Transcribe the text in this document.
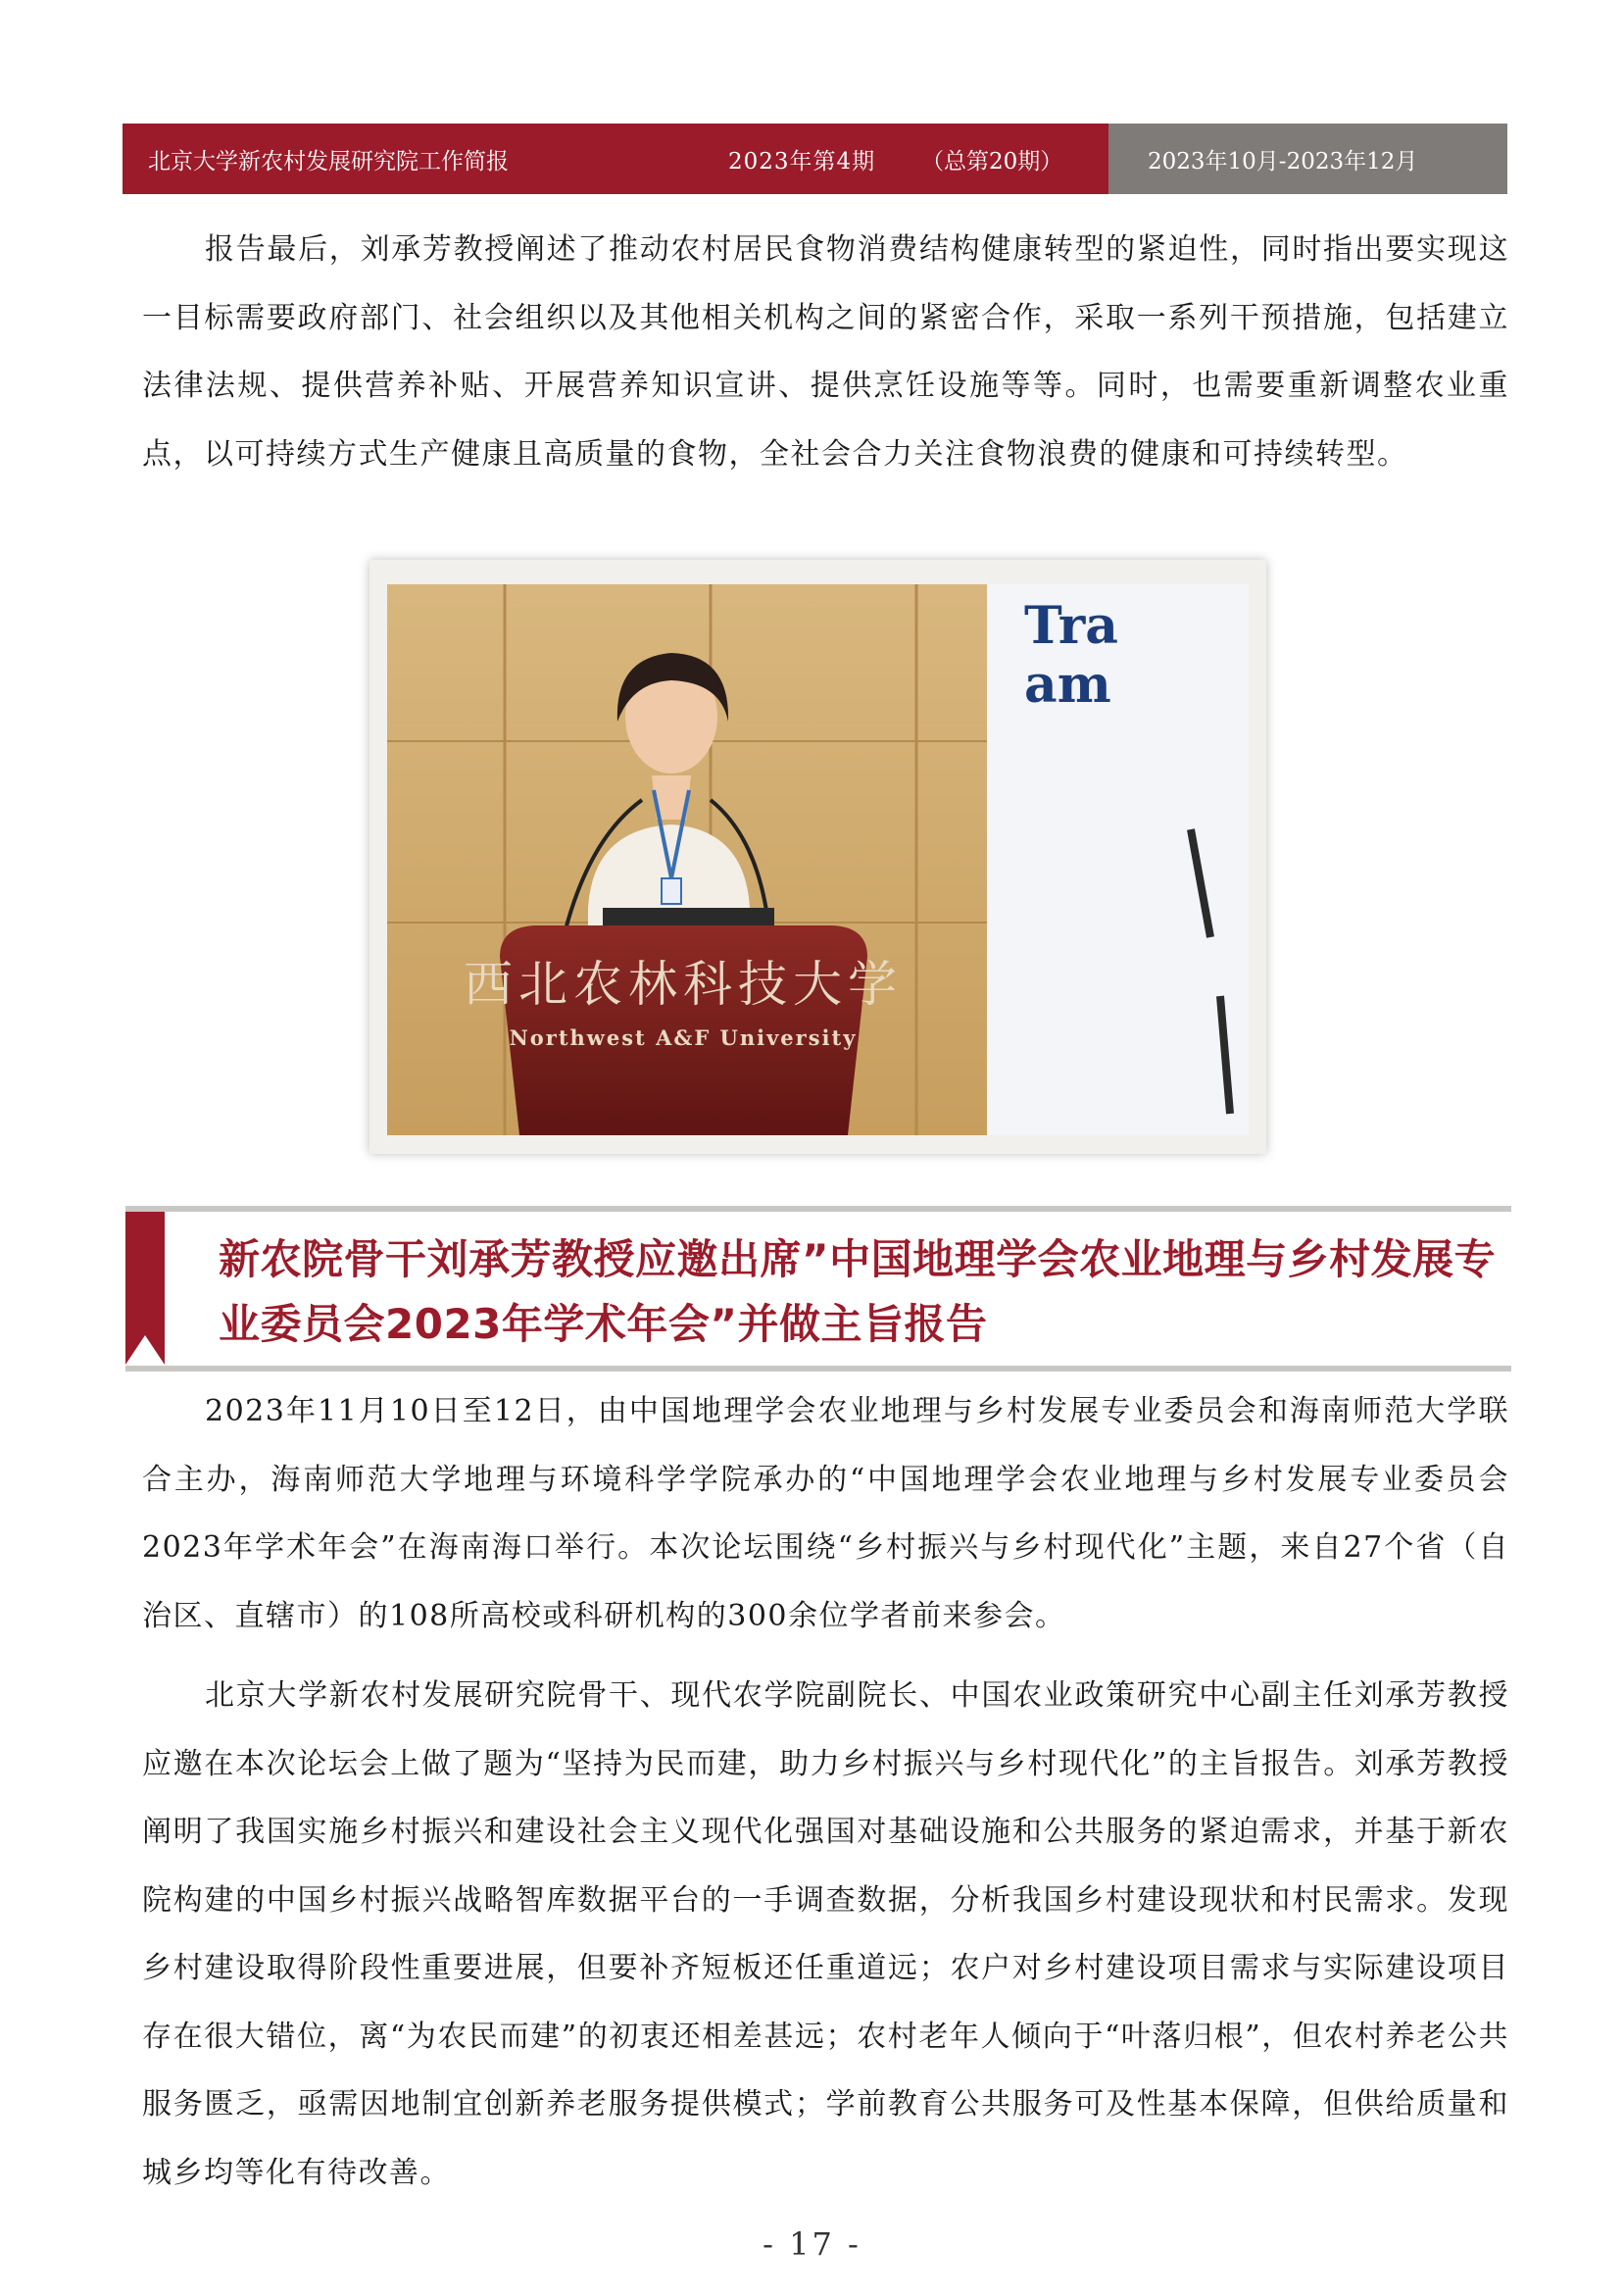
北京大学新农村发展研究院工作简报	2023年第4期 （总第20期）	2023年10月-2023年12月

报告最后，刘承芳教授阐述了推动农村居民食物消费结构健康转型的紧迫性，同时指出要实现这一目标需要政府部门、社会组织以及其他相关机构之间的紧密合作，采取一系列干预措施，包括建立法律法规、提供营养补贴、开展营养知识宣讲、提供烹饪设施等等。同时，也需要重新调整农业重点，以可持续方式生产健康且高质量的食物，全社会合力关注食物浪费的健康和可持续转型。

Tra
am
西北农林科技大学
Northwest A&F University
新农院骨干刘承芳教授应邀出席”中国地理学会农业地理与乡村发展专业委员会2023年学术年会”并做主旨报告

2023年11月10日至12日，由中国地理学会农业地理与乡村发展专业委员会和海南师范大学联合主办，海南师范大学地理与环境科学学院承办的“中国地理学会农业地理与乡村发展专业委员会2023年学术年会”在海南海口举行。本次论坛围绕“乡村振兴与乡村现代化”主题，来自27个省（自治区、直辖市）的108所高校或科研机构的300余位学者前来参会。

北京大学新农村发展研究院骨干、现代农学院副院长、中国农业政策研究中心副主任刘承芳教授应邀在本次论坛会上做了题为“坚持为民而建，助力乡村振兴与乡村现代化”的主旨报告。刘承芳教授阐明了我国实施乡村振兴和建设社会主义现代化强国对基础设施和公共服务的紧迫需求，并基于新农院构建的中国乡村振兴战略智库数据平台的一手调查数据，分析我国乡村建设现状和村民需求。发现乡村建设取得阶段性重要进展，但要补齐短板还任重道远；农户对乡村建设项目需求与实际建设项目存在很大错位，离“为农民而建”的初衷还相差甚远；农村老年人倾向于“叶落归根”，但农村养老公共服务匮乏，亟需因地制宜创新养老服务提供模式；学前教育公共服务可及性基本保障，但供给质量和城乡均等化有待改善。

- 17 -
